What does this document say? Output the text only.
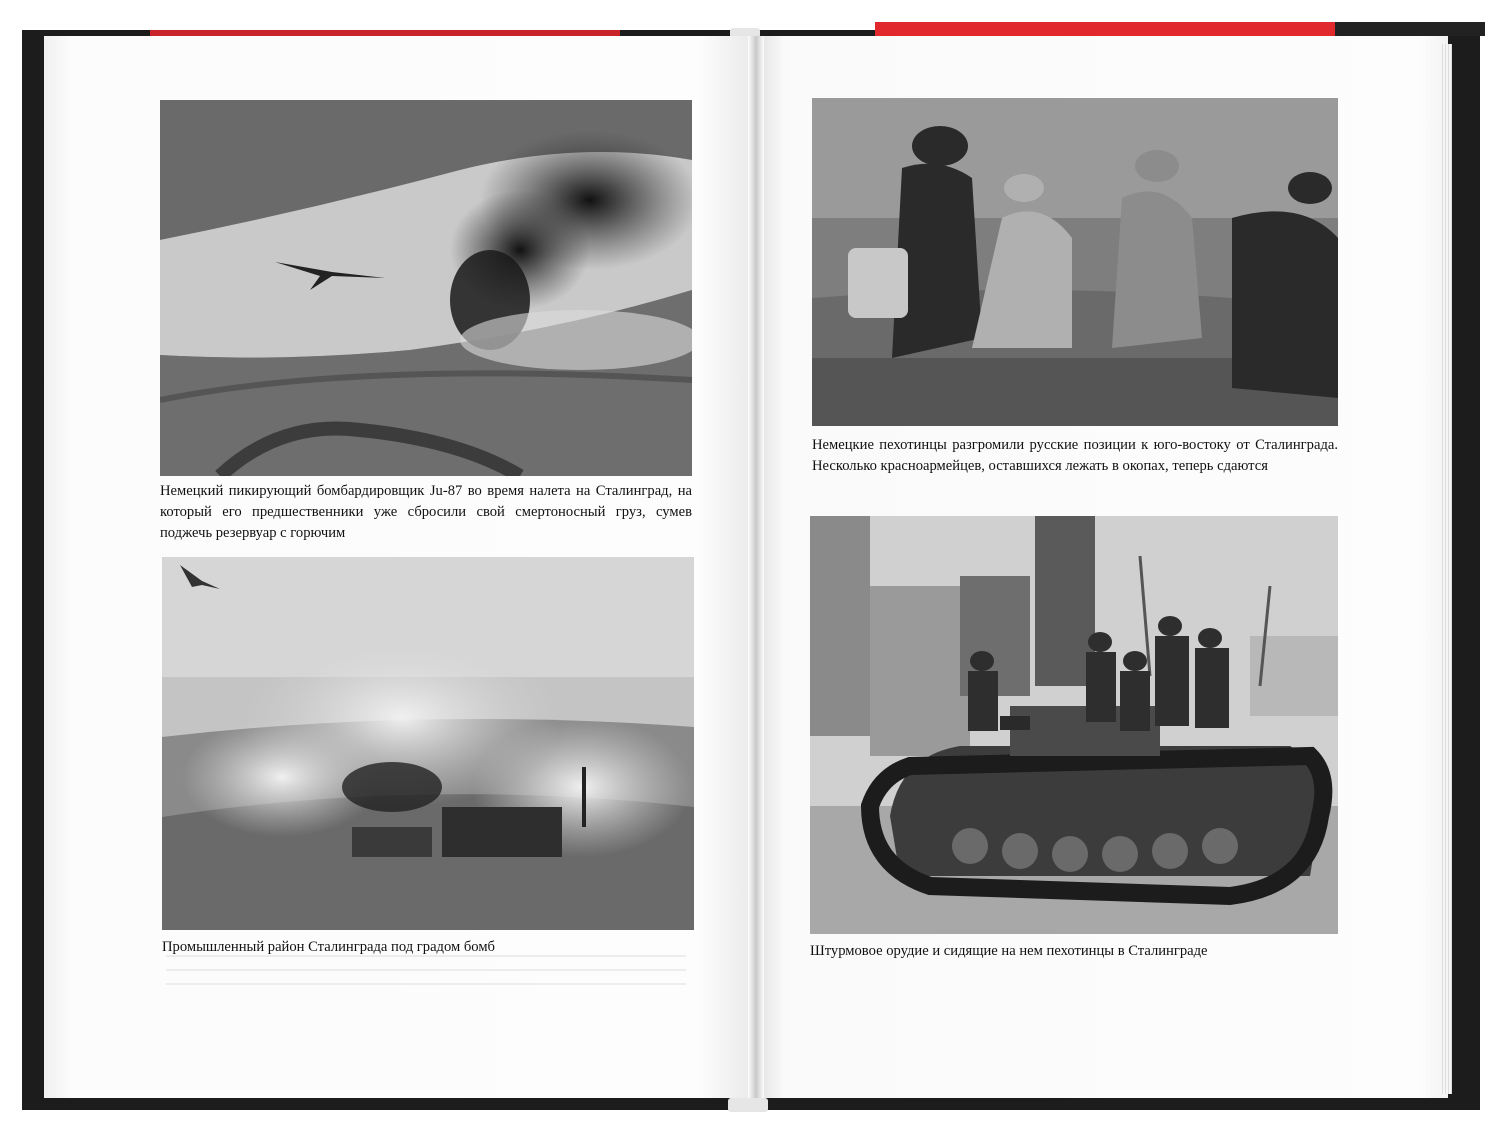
Немецкий пикирующий бомбардировщик Ju-87 во время налета на Сталинград, на который его предшественники уже сбросили свой смертоносный груз, сумев поджечь резервуар с горючим
Промышленный район Сталинграда под градом бомб
Немецкие пехотинцы разгромили русские позиции к юго-востоку от Сталинграда. Несколько красноармейцев, оставшихся лежать в окопах, теперь сдаются
Штурмовое орудие и сидящие на нем пехотинцы в Сталинграде
